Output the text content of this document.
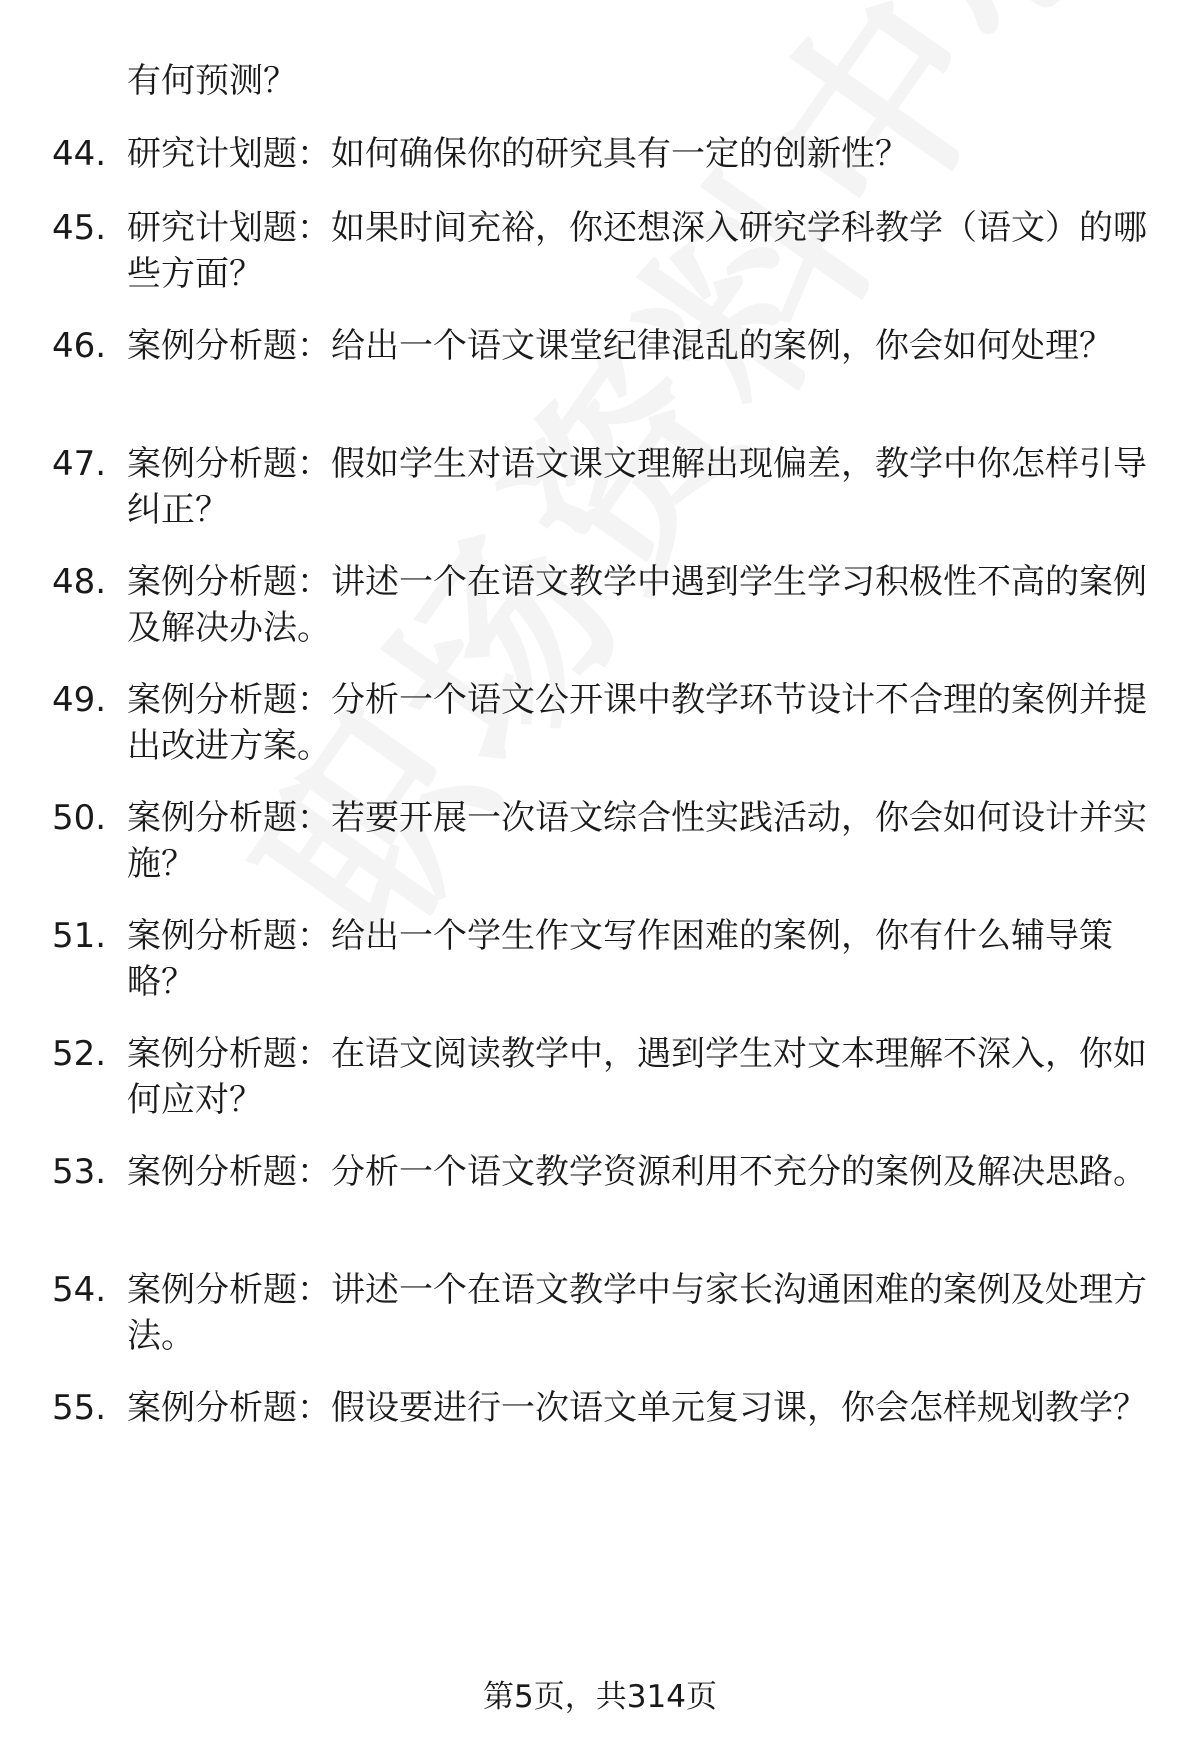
有何预测？

44. 研究计划题：如何确保你的研究具有一定的创新性？

45. 研究计划题：如果时间充裕，你还想深入研究学科教学（语文）的哪些方面？

46. 案例分析题：给出一个语文课堂纪律混乱的案例，你会如何处理？

47. 案例分析题：假如学生对语文课文理解出现偏差，教学中你怎样引导纠正？

48. 案例分析题：讲述一个在语文教学中遇到学生学习积极性不高的案例及解决办法。

49. 案例分析题：分析一个语文公开课中教学环节设计不合理的案例并提出改进方案。

50. 案例分析题：若要开展一次语文综合性实践活动，你会如何设计并实施？

51. 案例分析题：给出一个学生作文写作困难的案例，你有什么辅导策略？

52. 案例分析题：在语文阅读教学中，遇到学生对文本理解不深入，你如何应对？

53. 案例分析题：分析一个语文教学资源利用不充分的案例及解决思路。

54. 案例分析题：讲述一个在语文教学中与家长沟通困难的案例及处理方法。

55. 案例分析题：假设要进行一次语文单元复习课，你会怎样规划教学？

第5页，共314页
